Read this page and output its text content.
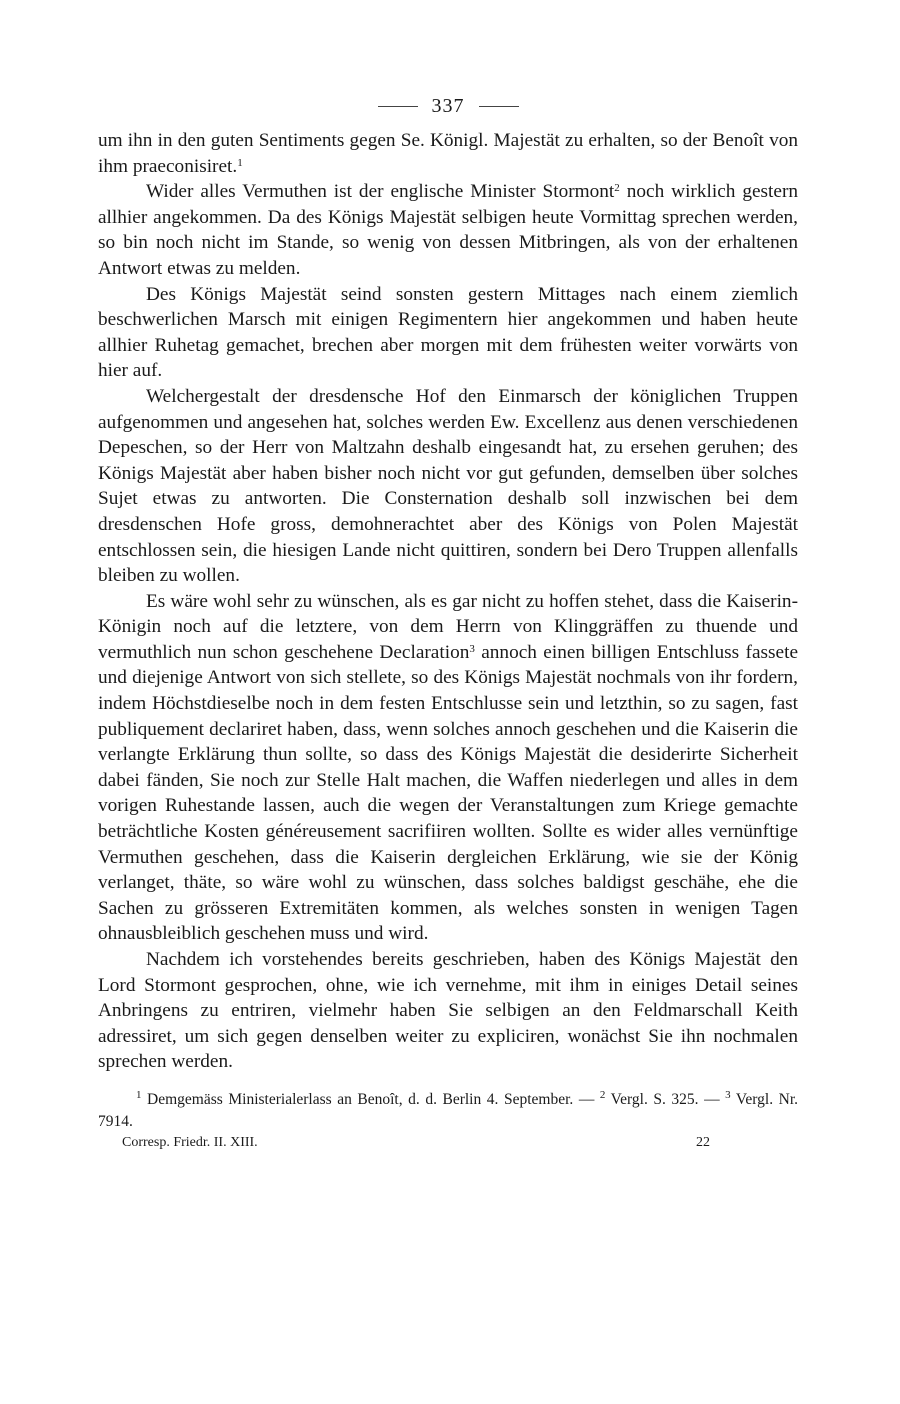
337

um ihn in den guten Sentiments gegen Se. Königl. Majestät zu erhalten, so der Benoît von ihm praeconisiret.$^1$

Wider alles Vermuthen ist der englische Minister Stormont$^2$ noch wirklich gestern allhier angekommen. Da des Königs Majestät selbigen heute Vormittag sprechen werden, so bin noch nicht im Stande, so wenig von dessen Mitbringen, als von der erhaltenen Antwort etwas zu melden.

Des Königs Majestät seind sonsten gestern Mittages nach einem ziemlich beschwerlichen Marsch mit einigen Regimentern hier angekommen und haben heute allhier Ruhetag gemachet, brechen aber morgen mit dem frühesten weiter vorwärts von hier auf.

Welchergestalt der dresdensche Hof den Einmarsch der königlichen Truppen aufgenommen und angesehen hat, solches werden Ew. Excellenz aus denen verschiedenen Depeschen, so der Herr von Maltzahn deshalb eingesandt hat, zu ersehen geruhen; des Königs Majestät aber haben bisher noch nicht vor gut gefunden, demselben über solches Sujet etwas zu antworten. Die Consternation deshalb soll inzwischen bei dem dresdenschen Hofe gross, demohnerachtet aber des Königs von Polen Majestät entschlossen sein, die hiesigen Lande nicht quittiren, sondern bei Dero Truppen allenfalls bleiben zu wollen.

Es wäre wohl sehr zu wünschen, als es gar nicht zu hoffen stehet, dass die Kaiserin-Königin noch auf die letztere, von dem Herrn von Klinggräffen zu thuende und vermuthlich nun schon geschehene Declaration$^3$ annoch einen billigen Entschluss fassete und diejenige Antwort von sich stellete, so des Königs Majestät nochmals von ihr fordern, indem Höchstdieselbe noch in dem festen Entschlusse sein und letzthin, so zu sagen, fast publiquement declariret haben, dass, wenn solches annoch geschehen und die Kaiserin die verlangte Erklärung thun sollte, so dass des Königs Majestät die desiderirte Sicherheit dabei fänden, Sie noch zur Stelle Halt machen, die Waffen niederlegen und alles in dem vorigen Ruhestande lassen, auch die wegen der Veranstaltungen zum Kriege gemachte beträchtliche Kosten généreusement sacrifiiren wollten. Sollte es wider alles vernünftige Vermuthen geschehen, dass die Kaiserin dergleichen Erklärung, wie sie der König verlanget, thäte, so wäre wohl zu wünschen, dass solches baldigst geschähe, ehe die Sachen zu grösseren Extremitäten kommen, als welches sonsten in wenigen Tagen ohnausbleiblich geschehen muss und wird.

Nachdem ich vorstehendes bereits geschrieben, haben des Königs Majestät den Lord Stormont gesprochen, ohne, wie ich vernehme, mit ihm in einiges Detail seines Anbringens zu entriren, vielmehr haben Sie selbigen an den Feldmarschall Keith adressiret, um sich gegen denselben weiter zu expliciren, wonächst Sie ihn nochmalen sprechen werden.

$^1$ Demgemäss Ministerialerlass an Benoît, d. d. Berlin 4. September. — $^2$ Vergl. S. 325. — $^3$ Vergl. Nr. 7914.
Corresp. Friedr. II. XIII.	22
